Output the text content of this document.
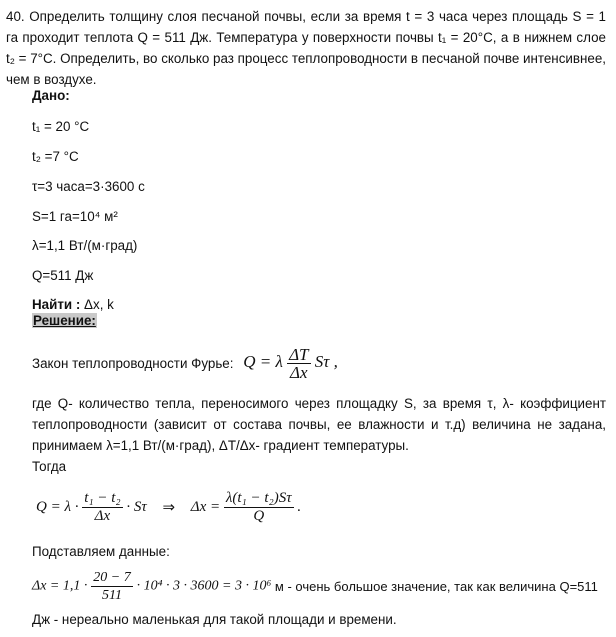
40. Определить толщину слоя песчаной почвы, если за время t = 3 часа через площадь S = 1 га проходит теплота Q = 511 Дж. Температура у поверхности почвы t₁ = 20°C, а в нижнем слое t₂ = 7°C. Определить, во сколько раз процесс теплопроводности в песчаной почве интенсивнее, чем в воздухе.
Дано:
t₁ = 20 °C
t₂ =7 °C
τ=3 часа=3·3600 с
S=1 га=10⁴ м²
λ=1,1 Вт/(м·град)
Q=511 Дж
Найти : Δx, k
Решение:
Закон теплопроводности Фурье: Q = λ $\frac{\Delta T}{\Delta x}$ Sτ ,
где Q- количество тепла, переносимого через площадку S, за время τ, λ- коэффициент теплопроводности (зависит от состава почвы, ее влажности и т.д) величина не задана, принимаем λ=1,1 Вт/(м·град), ΔT/Δx- градиент температуры.
Тогда
$Q = \lambda \cdot \frac{\text{t₁ − t₂}}{\Delta x} \cdot S\tau$ ⇒ $\Delta x = \frac{\text{λ(t₁ − t₂)Sτ}}{Q}$ .
Подставляем данные:
$\Delta x = 1,1 \cdot \frac{20 - 7}{511} \cdot 10^4 \cdot 3 \cdot 3600 = 3 \cdot 10^6$ м - очень большое значение, так как величина Q=511
Дж - нереально маленькая для такой площади и времени.
